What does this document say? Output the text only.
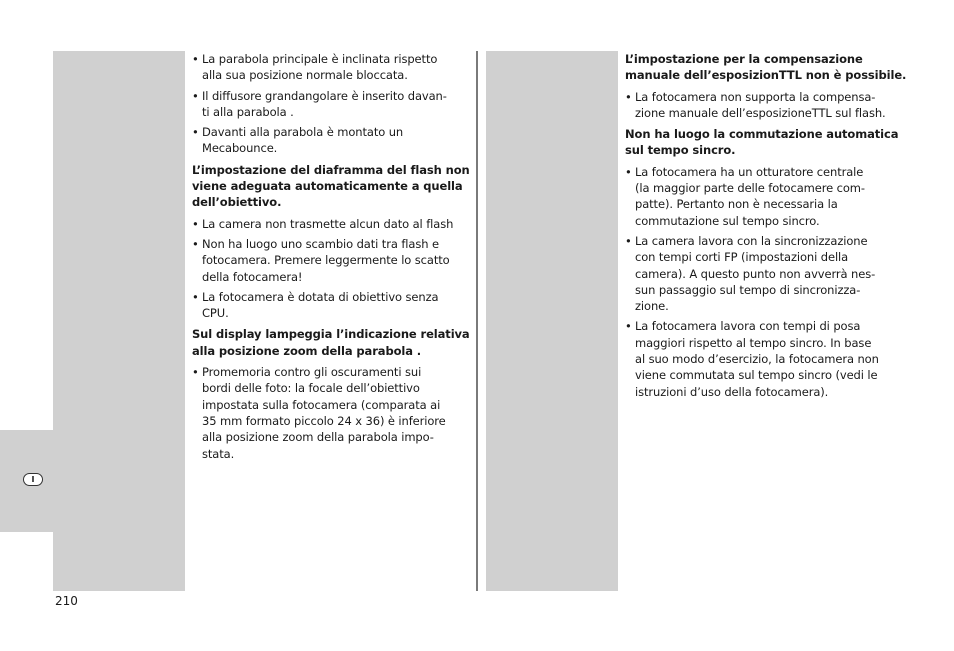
I
• La parabola principale è inclinata rispetto
alla sua posizione normale bloccata.
• Il diffusore grandangolare è inserito davan-
ti alla parabola .
• Davanti alla parabola è montato un
Mecabounce.

L’impostazione del diaframma del flash non
viene adeguata automaticamente a quella
dell’obiettivo.

• La camera non trasmette alcun dato al flash
• Non ha luogo uno scambio dati tra flash e
fotocamera. Premere leggermente lo scatto
della fotocamera!
• La fotocamera è dotata di obiettivo senza
CPU.

Sul display lampeggia l’indicazione relativa
alla posizione zoom della parabola .

• Promemoria contro gli oscuramenti sui
bordi delle foto: la focale dell’obiettivo
impostata sulla fotocamera (comparata ai
35 mm formato piccolo 24 x 36) è inferiore
alla posizione zoom della parabola impo-
stata.

L’impostazione per la compensazione
manuale dell’esposizionTTL non è possibile.

• La fotocamera non supporta la compensa-
zione manuale dell’esposizioneTTL sul flash.

Non ha luogo la commutazione automatica
sul tempo sincro.

• La fotocamera ha un otturatore centrale
(la maggior parte delle fotocamere com-
patte). Pertanto non è necessaria la
commutazione sul tempo sincro.
• La camera lavora con la sincronizzazione
con tempi corti FP (impostazioni della
camera). A questo punto non avverrà nes-
sun passaggio sul tempo di sincronizza-
zione.
• La fotocamera lavora con tempi di posa
maggiori rispetto al tempo sincro. In base
al suo modo d’esercizio, la fotocamera non
viene commutata sul tempo sincro (vedi le
istruzioni d’uso della fotocamera).
210
